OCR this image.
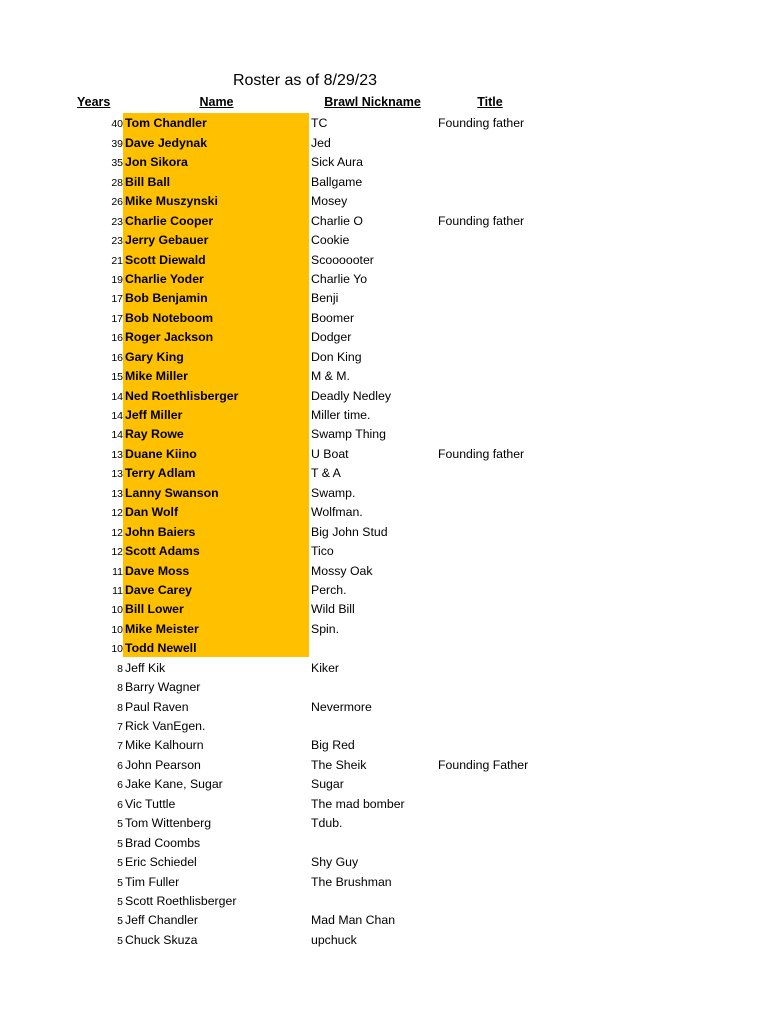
Roster as of 8/29/23
Years	Name	Brawl Nickname	Title
40 Tom Chandler	TC	Founding father
39 Dave Jedynak	Jed
35 Jon Sikora	Sick Aura
28 Bill Ball	Ballgame
26 Mike Muszynski	Mosey
23 Charlie Cooper	Charlie O	Founding father
23 Jerry Gebauer	Cookie
21 Scott Diewald	Scoooooter
19 Charlie Yoder	Charlie Yo
17 Bob Benjamin	Benji
17 Bob Noteboom	Boomer
16 Roger Jackson	Dodger
16 Gary King	Don King
15 Mike Miller	M & M.
14 Ned Roethlisberger	Deadly Nedley
14 Jeff Miller	Miller time.
14 Ray Rowe	Swamp Thing
13 Duane Kiino	U Boat	Founding father
13 Terry Adlam	T & A
13 Lanny Swanson	Swamp.
12 Dan Wolf	Wolfman.
12 John Baiers	Big John Stud
12 Scott Adams	Tico
11 Dave Moss	Mossy Oak
11 Dave Carey	Perch.
10 Bill Lower	Wild Bill
10 Mike Meister	Spin.
10 Todd Newell
8 Jeff Kik	Kiker
8 Barry Wagner
8 Paul Raven	Nevermore
7 Rick VanEgen.
7 Mike Kalhourn	Big Red
6 John Pearson	The Sheik	Founding Father
6 Jake Kane, Sugar	Sugar
6 Vic Tuttle	The mad bomber
5 Tom Wittenberg	Tdub.
5 Brad Coombs
5 Eric Schiedel	Shy Guy
5 Tim Fuller	The Brushman
5 Scott Roethlisberger
5 Jeff Chandler	Mad Man Chan
5 Chuck Skuza	upchuck
